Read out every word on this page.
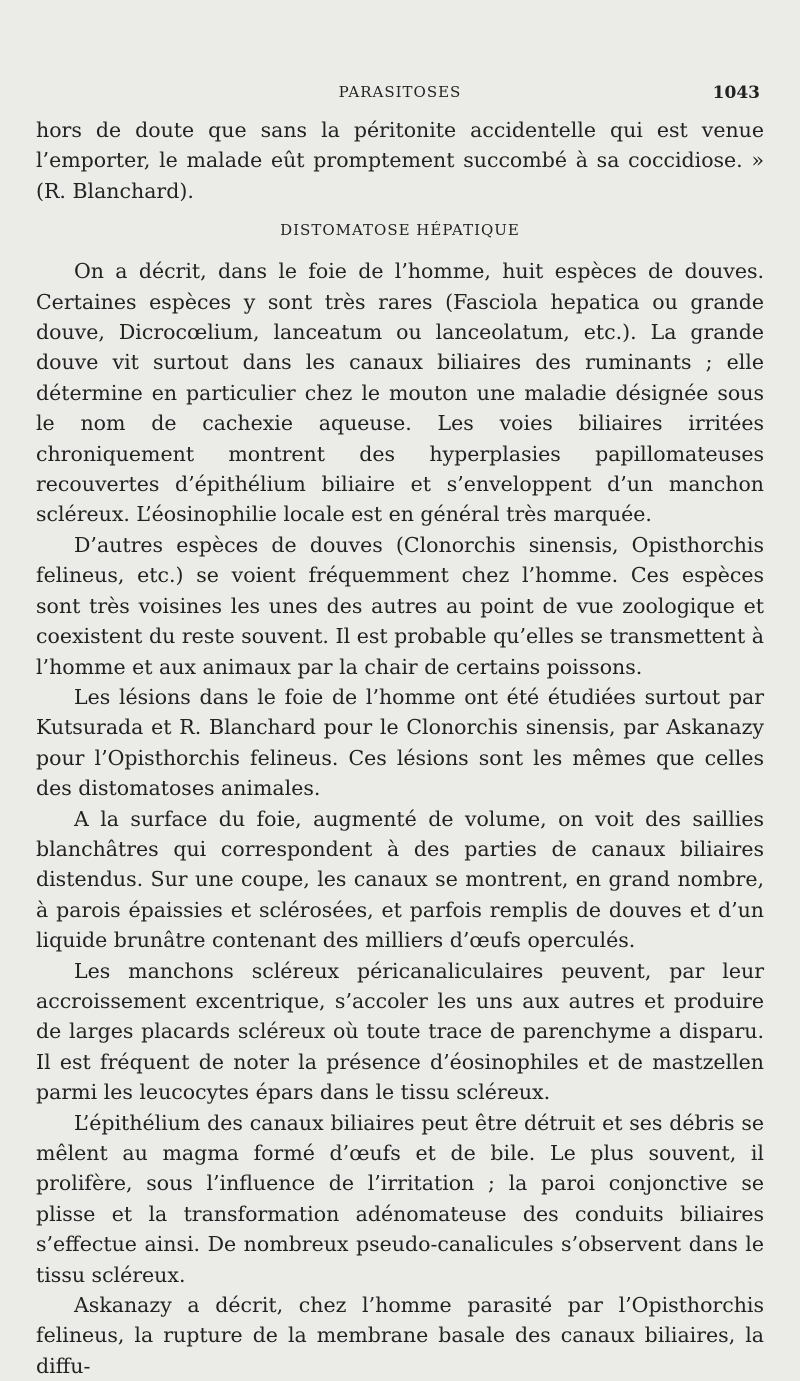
PARASITOSES	1043

hors de doute que sans la péritonite accidentelle qui est venue l’emporter, le malade eût promptement succombé à sa coccidiose. » (R. Blanchard).

DISTOMATOSE HÉPATIQUE

On a décrit, dans le foie de l’homme, huit espèces de douves. Certaines espèces y sont très rares (Fasciola hepatica ou grande douve, Dicrocœlium, lanceatum ou lanceolatum, etc.). La grande douve vit surtout dans les canaux biliaires des ruminants ; elle détermine en particulier chez le mouton une maladie désignée sous le nom de cachexie aqueuse. Les voies biliaires irritées chroniquement montrent des hyperplasies papillomateuses recouvertes d’épithélium biliaire et s’enveloppent d’un manchon scléreux. L’éosinophilie locale est en général très marquée.

D’autres espèces de douves (Clonorchis sinensis, Opisthorchis felineus, etc.) se voient fréquemment chez l’homme. Ces espèces sont très voisines les unes des autres au point de vue zoologique et coexistent du reste souvent. Il est probable qu’elles se transmettent à l’homme et aux animaux par la chair de certains poissons.

Les lésions dans le foie de l’homme ont été étudiées surtout par Kutsurada et R. Blanchard pour le Clonorchis sinensis, par Askanazy pour l’Opisthorchis felineus. Ces lésions sont les mêmes que celles des distomatoses animales.

A la surface du foie, augmenté de volume, on voit des saillies blanchâtres qui correspondent à des parties de canaux biliaires distendus. Sur une coupe, les canaux se montrent, en grand nombre, à parois épaissies et sclérosées, et parfois remplis de douves et d’un liquide brunâtre contenant des milliers d’œufs operculés.

Les manchons scléreux péricanaliculaires peuvent, par leur accroissement excentrique, s’accoler les uns aux autres et produire de larges placards scléreux où toute trace de parenchyme a disparu. Il est fréquent de noter la présence d’éosinophiles et de mastzellen parmi les leucocytes épars dans le tissu scléreux.

L’épithélium des canaux biliaires peut être détruit et ses débris se mêlent au magma formé d’œufs et de bile. Le plus souvent, il prolifère, sous l’influence de l’irritation ; la paroi conjonctive se plisse et la transformation adénomateuse des conduits biliaires s’effectue ainsi. De nombreux pseudo-canalicules s’observent dans le tissu scléreux.

Askanazy a décrit, chez l’homme parasité par l’Opisthorchis felineus, la rupture de la membrane basale des canaux biliaires, la diffu-
